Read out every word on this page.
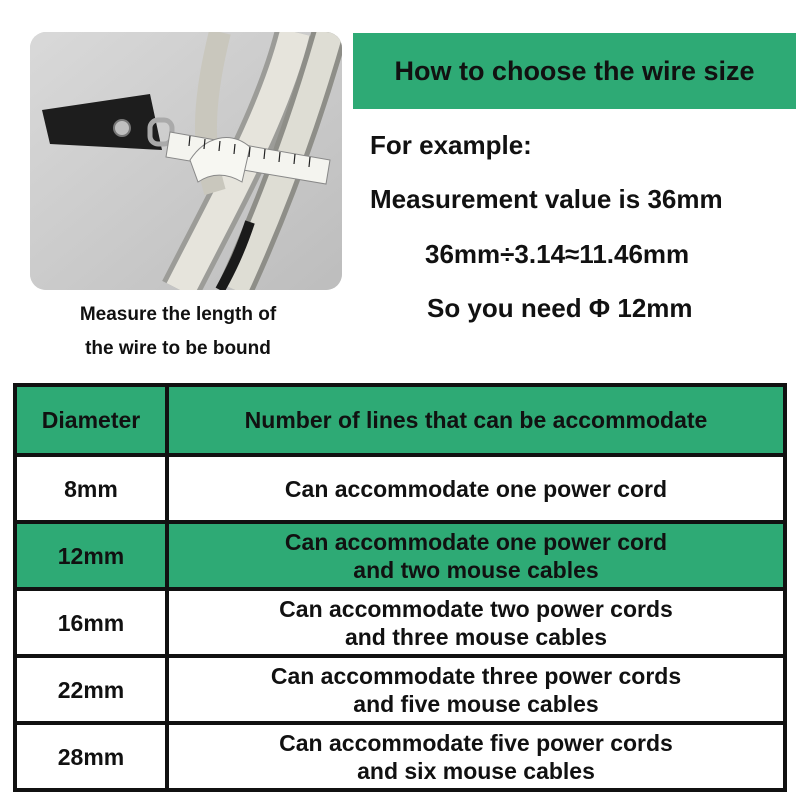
Measure the length of
the wire to be bound
How to choose the wire size
For example:
Measurement value is 36mm
36mm÷3.14≈11.46mm
So you need Φ 12mm
Diameter	Number of lines that can be accommodate
8mm	Can accommodate one power cord
12mm	Can accommodate one power cord
and two mouse cables
16mm	Can accommodate two power cords
and three mouse cables
22mm	Can accommodate three power cords
and five mouse cables
28mm	Can accommodate five power cords
and six mouse cables
